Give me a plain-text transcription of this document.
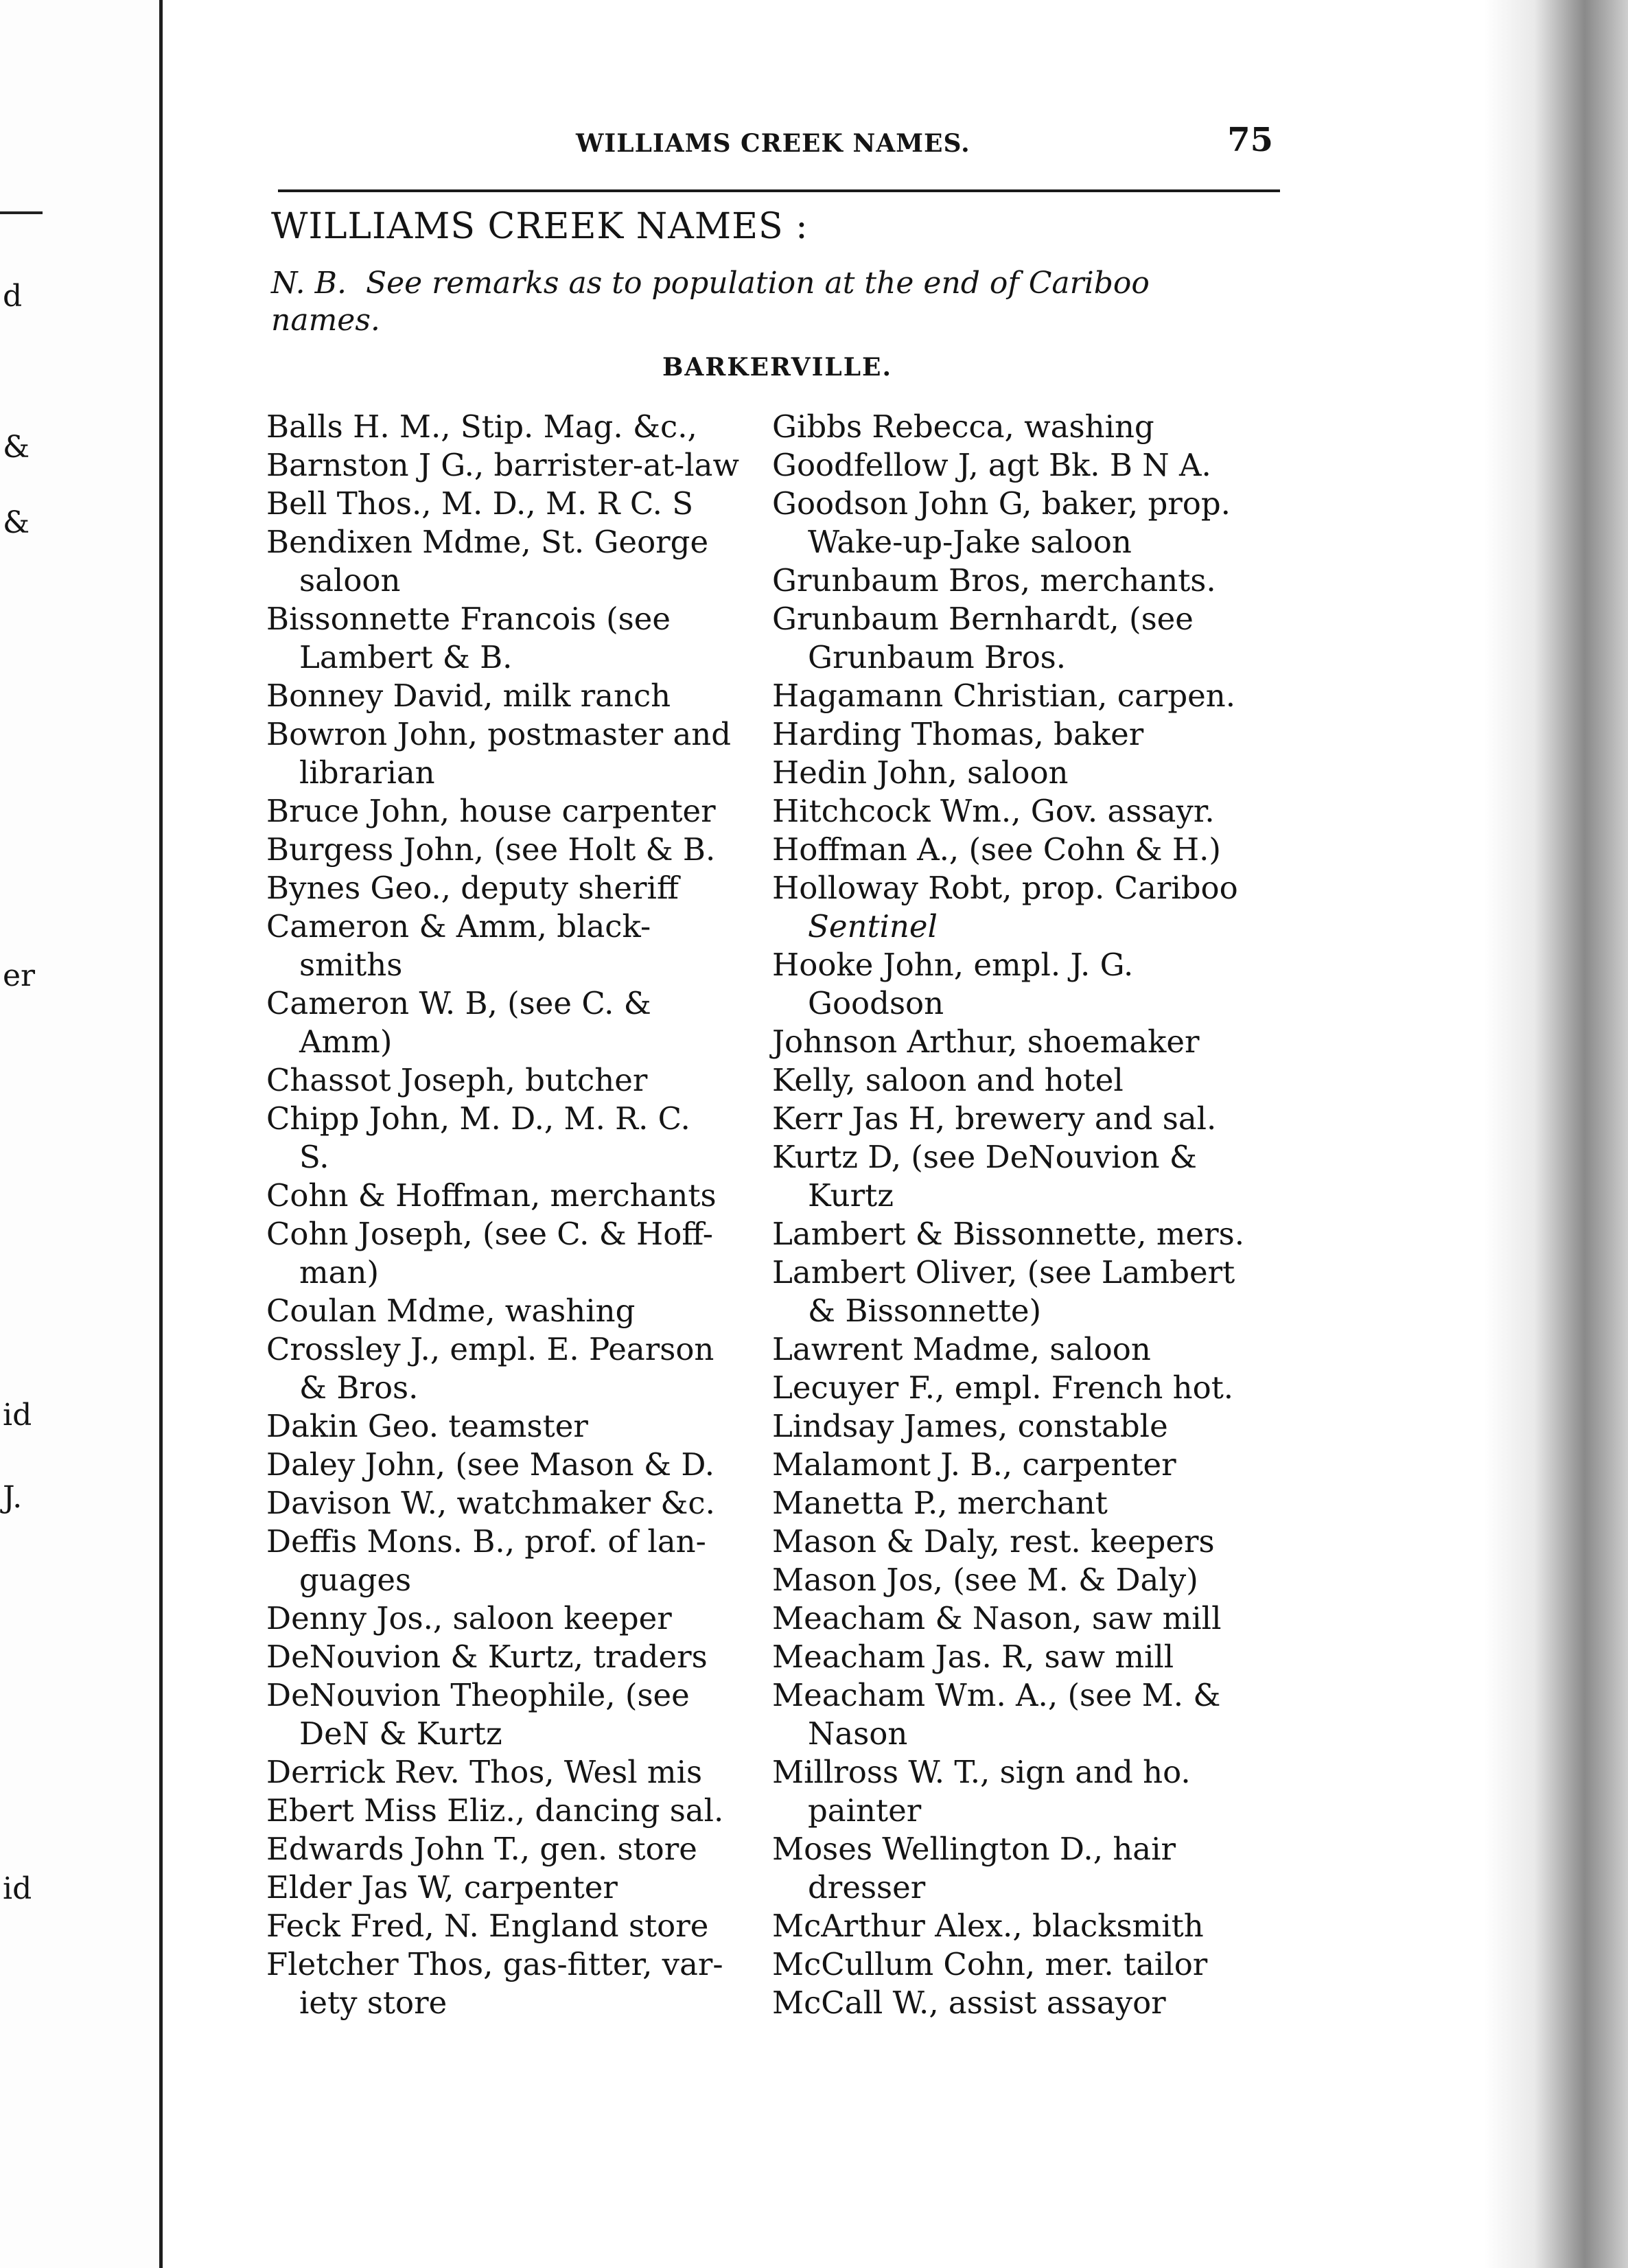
d
&
&
er
id
J.
id
WILLIAMS CREEK NAMES.	75
WILLIAMS CREEK NAMES :
N. B. See remarks as to population at the end of Cariboo
names.
BARKERVILLE.
Balls H. M., Stip. Mag. &c.,
Barnston J G., barrister-at-law
Bell Thos., M. D., M. R C. S
Bendixen Mdme, St. George
saloon
Bissonnette Francois (see
Lambert & B.
Bonney David, milk ranch
Bowron John, postmaster and
librarian
Bruce John, house carpenter
Burgess John, (see Holt & B.
Bynes Geo., deputy sheriff
Cameron & Amm, black-
smiths
Cameron W. B, (see C. &
Amm)
Chassot Joseph, butcher
Chipp John, M. D., M. R. C.
S.
Cohn & Hoffman, merchants
Cohn Joseph, (see C. & Hoff-
man)
Coulan Mdme, washing
Crossley J., empl. E. Pearson
& Bros.
Dakin Geo. teamster
Daley John, (see Mason & D.
Davison W., watchmaker &c.
Deffis Mons. B., prof. of lan-
guages
Denny Jos., saloon keeper
DeNouvion & Kurtz, traders
DeNouvion Theophile, (see
DeN & Kurtz
Derrick Rev. Thos, Wesl mis
Ebert Miss Eliz., dancing sal.
Edwards John T., gen. store
Elder Jas W, carpenter
Feck Fred, N. England store
Fletcher Thos, gas-fitter, var-
iety store
Gibbs Rebecca, washing
Goodfellow J, agt Bk. B N A.
Goodson John G, baker, prop.
Wake-up-Jake saloon
Grunbaum Bros, merchants.
Grunbaum Bernhardt, (see
Grunbaum Bros.
Hagamann Christian, carpen.
Harding Thomas, baker
Hedin John, saloon
Hitchcock Wm., Gov. assayr.
Hoffman A., (see Cohn & H.)
Holloway Robt, prop. Cariboo
Sentinel
Hooke John, empl. J. G.
Goodson
Johnson Arthur, shoemaker
Kelly, saloon and hotel
Kerr Jas H, brewery and sal.
Kurtz D, (see DeNouvion &
Kurtz
Lambert & Bissonnette, mers.
Lambert Oliver, (see Lambert
& Bissonnette)
Lawrent Madme, saloon
Lecuyer F., empl. French hot.
Lindsay James, constable
Malamont J. B., carpenter
Manetta P., merchant
Mason & Daly, rest. keepers
Mason Jos, (see M. & Daly)
Meacham & Nason, saw mill
Meacham Jas. R, saw mill
Meacham Wm. A., (see M. &
Nason
Millross W. T., sign and ho.
painter
Moses Wellington D., hair
dresser
McArthur Alex., blacksmith
McCullum Cohn, mer. tailor
McCall W., assist assayor
